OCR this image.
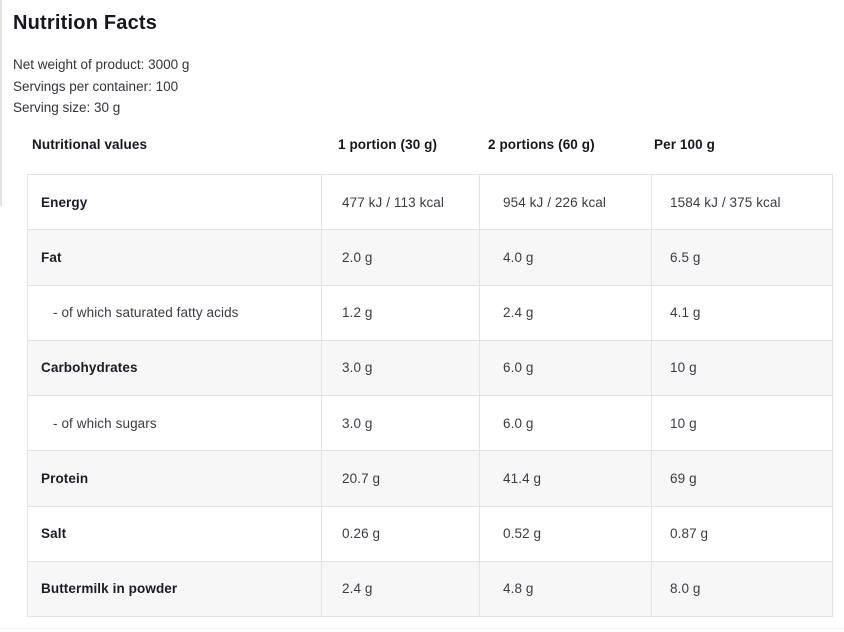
Nutrition Facts
Net weight of product: 3000 g
Servings per container: 100
Serving size: 30 g
Nutritional values	1 portion (30 g)	2 portions (60 g)	Per 100 g
Energy	477 kJ / 113 kcal	954 kJ / 226 kcal	1584 kJ / 375 kcal
Fat	2.0 g	4.0 g	6.5 g
- of which saturated fatty acids	1.2 g	2.4 g	4.1 g
Carbohydrates	3.0 g	6.0 g	10 g
- of which sugars	3.0 g	6.0 g	10 g
Protein	20.7 g	41.4 g	69 g
Salt	0.26 g	0.52 g	0.87 g
Buttermilk in powder	2.4 g	4.8 g	8.0 g
